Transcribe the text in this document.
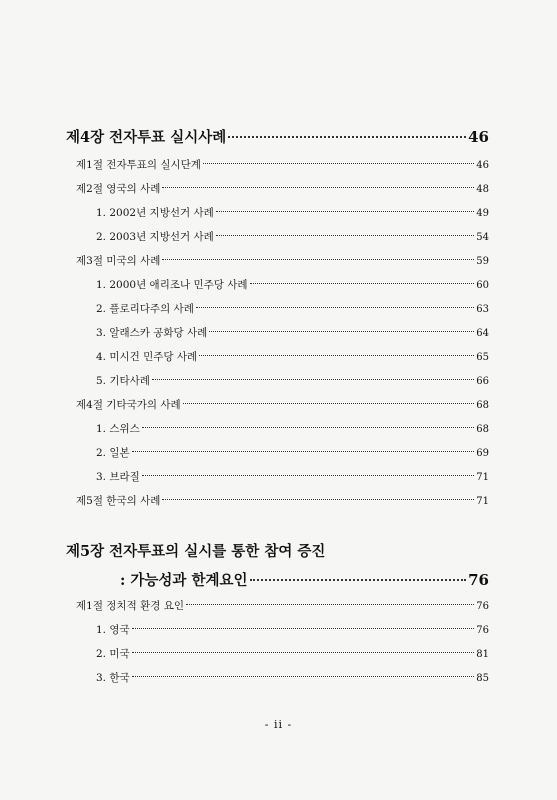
제4장 전자투표 실시사례	46
제1절 전자투표의 실시단계	46
제2절 영국의 사례	48
1. 2002년 지방선거 사례	49
2. 2003년 지방선거 사례	54
제3절 미국의 사례	59
1. 2000년 애리조나 민주당 사례	60
2. 플로리다주의 사례	63
3. 알래스카 공화당 사례	64
4. 미시건 민주당 사례	65
5. 기타사례	66
제4절 기타국가의 사례	68
1. 스위스	68
2. 일본	69
3. 브라질	71
제5절 한국의 사례	71
제5장 전자투표의 실시를 통한 참여 증진
: 가능성과 한계요인	76
제1절 정치적 환경 요인	76
1. 영국	76
2. 미국	81
3. 한국	85
- ii -
